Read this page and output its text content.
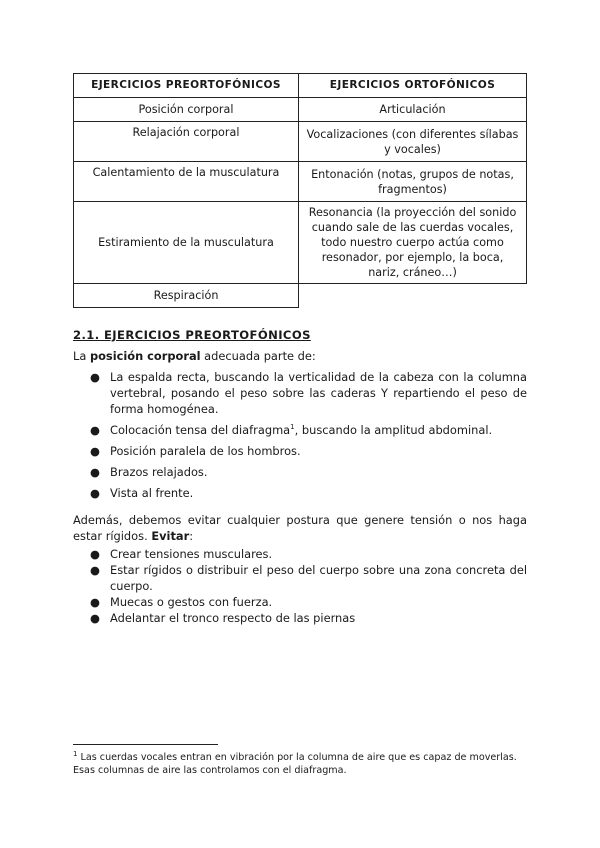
EJERCICIOS PREORTOFÓNICOS	EJERCICIOS ORTOFÓNICOS
Posición corporal	Articulación
Relajación corporal	Vocalizaciones (con diferentes sílabas y vocales)
Calentamiento de la musculatura	Entonación (notas, grupos de notas, fragmentos)
Estiramiento de la musculatura	Resonancia (la proyección del sonido cuando sale de las cuerdas vocales, todo nuestro cuerpo actúa como resonador, por ejemplo, la boca, nariz, cráneo…)
Respiración	
2.1. EJERCICIOS PREORTOFÓNICOS
La posición corporal adecuada parte de:
● La espalda recta, buscando la verticalidad de la cabeza con la columna vertebral, posando el peso sobre las caderas Y repartiendo el peso de forma homogénea.
● Colocación tensa del diafragma$^1$, buscando la amplitud abdominal.
● Posición paralela de los hombros.
● Brazos relajados.
● Vista al frente.
Además, debemos evitar cualquier postura que genere tensión o nos haga estar rígidos. Evitar:
● Crear tensiones musculares.
● Estar rígidos o distribuir el peso del cuerpo sobre una zona concreta del cuerpo.
● Muecas o gestos con fuerza.
● Adelantar el tronco respecto de las piernas
$^1$ Las cuerdas vocales entran en vibración por la columna de aire que es capaz de moverlas. Esas columnas de aire las controlamos con el diafragma.
